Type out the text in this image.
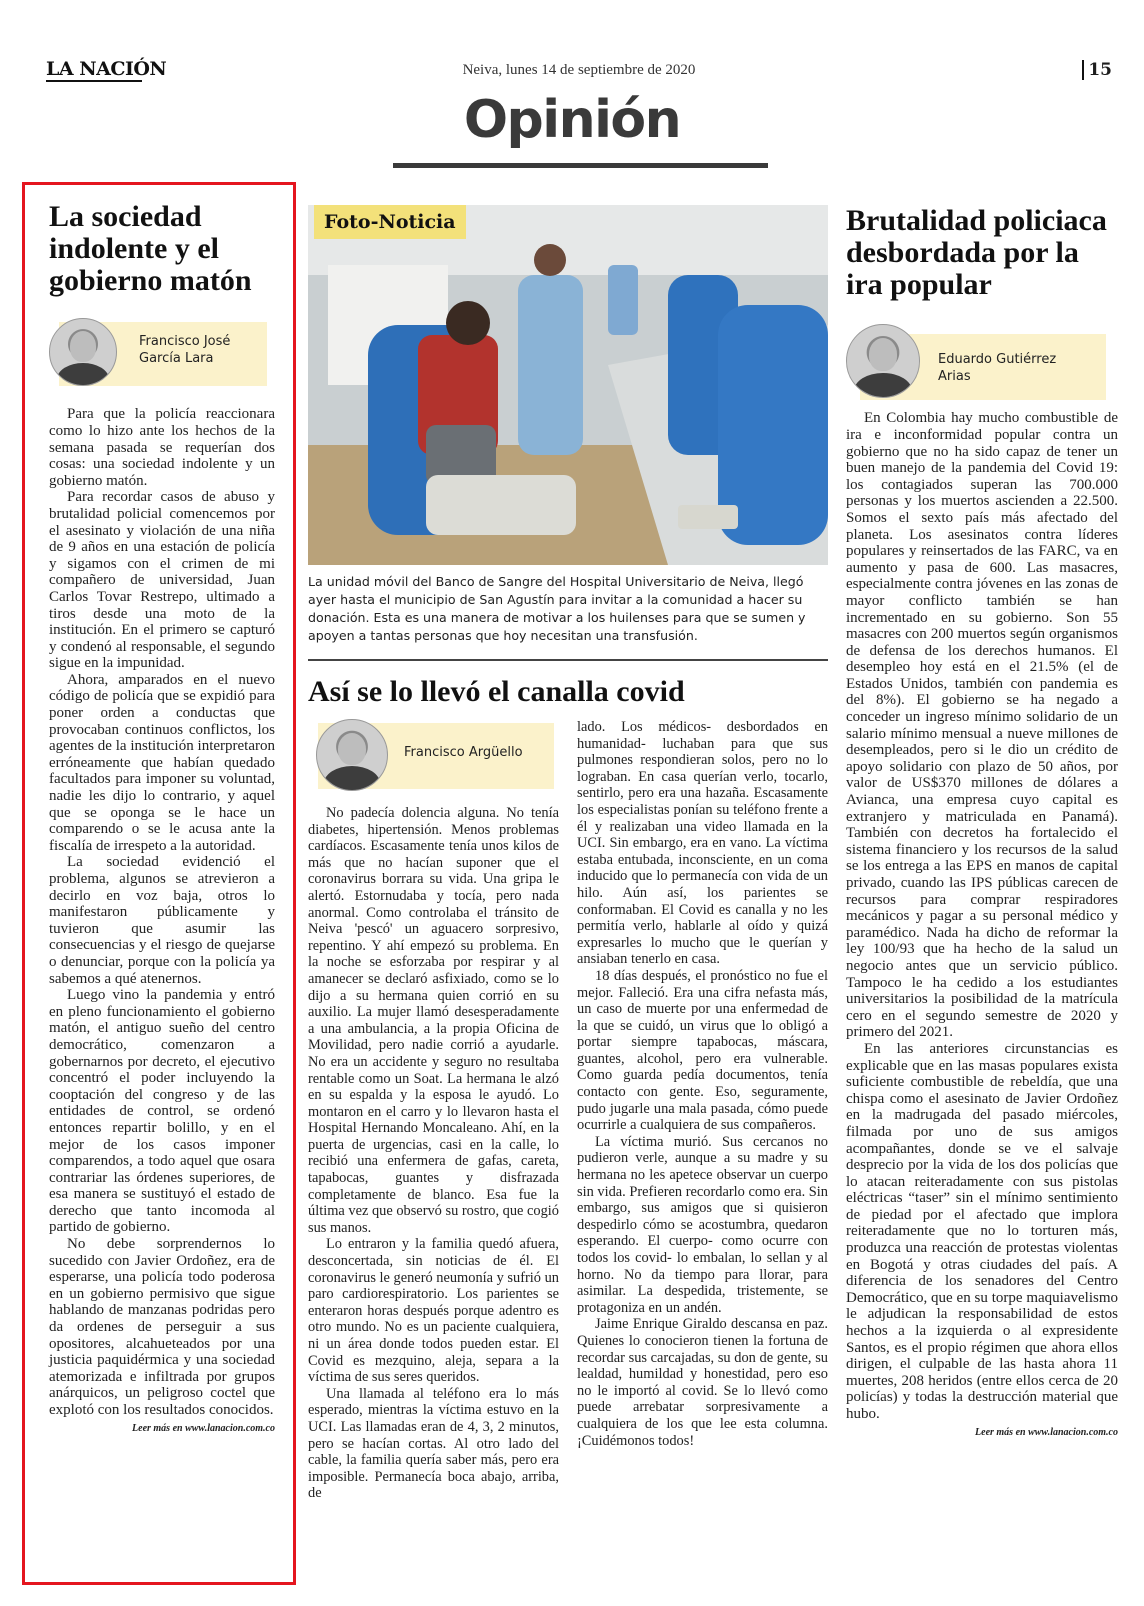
LA NACIÓN	Neiva, lunes 14 de septiembre de 2020	15
Opinión
La sociedad indolente y el gobierno matón
Francisco José García Lara

Para que la policía reaccionara como lo hizo ante los hechos de la semana pasada se requerían dos cosas: una sociedad indolente y un gobierno matón.

Para recordar casos de abuso y brutalidad policial comencemos por el asesinato y violación de una niña de 9 años en una estación de policía y sigamos con el crimen de mi compañero de universidad, Juan Carlos Tovar Restrepo, ultimado a tiros desde una moto de la institución. En el primero se capturó y condenó al responsable, el segundo sigue en la impunidad.

Ahora, amparados en el nuevo código de policía que se expidió para poner orden a conductas que provocaban continuos conflictos, los agentes de la institución interpretaron erróneamente que habían quedado facultados para imponer su voluntad, nadie les dijo lo contrario, y aquel que se oponga se le hace un comparendo o se le acusa ante la fiscalía de irrespeto a la autoridad.

La sociedad evidenció el problema, algunos se atrevieron a decirlo en voz baja, otros lo manifestaron públicamente y tuvieron que asumir las consecuencias y el riesgo de quejarse o denunciar, porque con la policía ya sabemos a qué atenernos.

Luego vino la pandemia y entró en pleno funcionamiento el gobierno matón, el antiguo sueño del centro democrático, comenzaron a gobernarnos por decreto, el ejecutivo concentró el poder incluyendo la cooptación del congreso y de las entidades de control, se ordenó entonces repartir bolillo, y en el mejor de los casos imponer comparendos, a todo aquel que osara contrariar las órdenes superiores, de esa manera se sustituyó el estado de derecho que tanto incomoda al partido de gobierno.

No debe sorprendernos lo sucedido con Javier Ordoñez, era de esperarse, una policía todo poderosa en un gobierno permisivo que sigue hablando de manzanas podridas pero da ordenes de perseguir a sus opositores, alcahueteados por una justicia paquidérmica y una sociedad atemorizada e infiltrada por grupos anárquicos, un peligroso coctel que explotó con los resultados conocidos.

Leer más en www.lanacion.com.co
Foto-Noticia

La unidad móvil del Banco de Sangre del Hospital Universitario de Neiva, llegó ayer hasta el municipio de San Agustín para invitar a la comunidad a hacer su donación. Esta es una manera de motivar a los huilenses para que se sumen y apoyen a tantas personas que hoy necesitan una transfusión.

Así se lo llevó el canalla covid
Francisco Argüello

No padecía dolencia alguna. No tenía diabetes, hipertensión. Menos problemas cardíacos. Escasamente tenía unos kilos de más que no hacían suponer que el coronavirus borrara su vida. Una gripa le alertó. Estornudaba y tocía, pero nada anormal. Como controlaba el tránsito de Neiva 'pescó' un aguacero sorpresivo, repentino. Y ahí empezó su problema. En la noche se esforzaba por respirar y al amanecer se declaró asfixiado, como se lo dijo a su hermana quien corrió en su auxilio. La mujer llamó desesperadamente a una ambulancia, a la propia Oficina de Movilidad, pero nadie corrió a ayudarle. No era un accidente y seguro no resultaba rentable como un Soat. La hermana le alzó en su espalda y la esposa le ayudó. Lo montaron en el carro y lo llevaron hasta el Hospital Hernando Moncaleano. Ahí, en la puerta de urgencias, casi en la calle, lo recibió una enfermera de gafas, careta, tapabocas, guantes y disfrazada completamente de blanco. Esa fue la última vez que observó su rostro, que cogió sus manos.

Lo entraron y la familia quedó afuera, desconcertada, sin noticias de él. El coronavirus le generó neumonía y sufrió un paro cardiorespiratorio. Los parientes se enteraron horas después porque adentro es otro mundo. No es un paciente cualquiera, ni un área donde todos pueden estar. El Covid es mezquino, aleja, separa a la víctima de sus seres queridos.

Una llamada al teléfono era lo más esperado, mientras la víctima estuvo en la UCI. Las llamadas eran de 4, 3, 2 minutos, pero se hacían cortas. Al otro lado del cable, la familia quería saber más, pero era imposible. Permanecía boca abajo, arriba, de

lado. Los médicos- desbordados en humanidad- luchaban para que sus pulmones respondieran solos, pero no lo lograban. En casa querían verlo, tocarlo, sentirlo, pero era una hazaña. Escasamente los especialistas ponían su teléfono frente a él y realizaban una video llamada en la UCI. Sin embargo, era en vano. La víctima estaba entubada, inconsciente, en un coma inducido que lo permanecía con vida de un hilo. Aún así, los parientes se conformaban. El Covid es canalla y no les permitía verlo, hablarle al oído y quizá expresarles lo mucho que le querían y ansiaban tenerlo en casa.

18 días después, el pronóstico no fue el mejor. Falleció. Era una cifra nefasta más, un caso de muerte por una enfermedad de la que se cuidó, un virus que lo obligó a portar siempre tapabocas, máscara, guantes, alcohol, pero era vulnerable. Como guarda pedía documentos, tenía contacto con gente. Eso, seguramente, pudo jugarle una mala pasada, cómo puede ocurrirle a cualquiera de sus compañeros.

La víctima murió. Sus cercanos no pudieron verle, aunque a su madre y su hermana no les apetece observar un cuerpo sin vida. Prefieren recordarlo como era. Sin embargo, sus amigos que si quisieron despedirlo cómo se acostumbra, quedaron esperando. El cuerpo- como ocurre con todos los covid- lo embalan, lo sellan y al horno. No da tiempo para llorar, para asimilar. La despedida, tristemente, se protagoniza en un andén.

Jaime Enrique Giraldo descansa en paz. Quienes lo conocieron tienen la fortuna de recordar sus carcajadas, su don de gente, su lealdad, humildad y honestidad, pero eso no le importó al covid. Se lo llevó como puede arrebatar sorpresivamente a cualquiera de los que lee esta columna. ¡Cuidémonos todos!

Brutalidad policiaca desbordada por la ira popular
Eduardo Gutiérrez Arias

En Colombia hay mucho combustible de ira e inconformidad popular contra un gobierno que no ha sido capaz de tener un buen manejo de la pandemia del Covid 19: los contagiados superan las 700.000 personas y los muertos ascienden a 22.500. Somos el sexto país más afectado del planeta. Los asesinatos contra líderes populares y reinsertados de las FARC, va en aumento y pasa de 600. Las masacres, especialmente contra jóvenes en las zonas de mayor conflicto también se han incrementado en su gobierno. Son 55 masacres con 200 muertos según organismos de defensa de los derechos humanos. El desempleo hoy está en el 21.5% (el de Estados Unidos, también con pandemia es del 8%). El gobierno se ha negado a conceder un ingreso mínimo solidario de un salario mínimo mensual a nueve millones de desempleados, pero si le dio un crédito de apoyo solidario con plazo de 50 años, por valor de US$370 millones de dólares a Avianca, una empresa cuyo capital es extranjero y matriculada en Panamá). También con decretos ha fortalecido el sistema financiero y los recursos de la salud se los entrega a las EPS en manos de capital privado, cuando las IPS públicas carecen de recursos para comprar respiradores mecánicos y pagar a su personal médico y paramédico. Nada ha dicho de reformar la ley 100/93 que ha hecho de la salud un negocio antes que un servicio público. Tampoco le ha cedido a los estudiantes universitarios la posibilidad de la matrícula cero en el segundo semestre de 2020 y primero del 2021.

En las anteriores circunstancias es explicable que en las masas populares exista suficiente combustible de rebeldía, que una chispa como el asesinato de Javier Ordoñez en la madrugada del pasado miércoles, filmada por uno de sus amigos acompañantes, donde se ve el salvaje desprecio por la vida de los dos policías que lo atacan reiteradamente con sus pistolas eléctricas “taser” sin el mínimo sentimiento de piedad por el afectado que implora reiteradamente que no lo torturen más, produzca una reacción de protestas violentas en Bogotá y otras ciudades del país. A diferencia de los senadores del Centro Democrático, que en su torpe maquiavelismo le adjudican la responsabilidad de estos hechos a la izquierda o al expresidente Santos, es el propio régimen que ahora ellos dirigen, el culpable de las hasta ahora 11 muertes, 208 heridos (entre ellos cerca de 20 policías) y todas la destrucción material que hubo.

Leer más en www.lanacion.com.co
